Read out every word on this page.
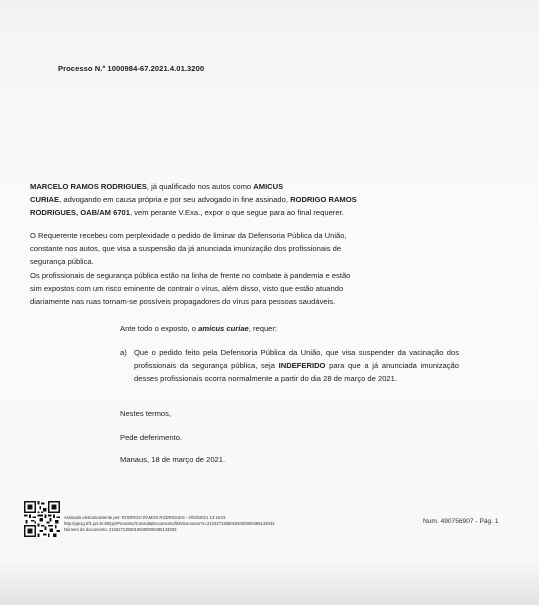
Processo N.º 1000984-67.2021.4.01.3200

MARCELO RAMOS RODRIGUES, já qualificado nos autos como AMICUS
CURIAE, advogando em causa própria e por seu advogado in fine assinado, RODRIGO RAMOS
RODRIGUES, OAB/AM 6701, vem perante V.Exa., expor o que segue para ao final requerer.

O Requerente recebeu com perplexidade o pedido de liminar da Defensoria Pública da União,
constante nos autos, que visa a suspensão da já anunciada imunização dos profissionais de
segurança pública.
Os profissionais de segurança pública estão na linha de frente no combate à pandemia e estão
sim expostos com um risco eminente de contrair o vírus, além disso, visto que estão atuando
diariamente nas ruas tornam-se possíveis propagadores do vírus para pessoas saudáveis.

Ante todo o exposto, o amicus curiae, requer:

a) Que o pedido feito pela Defensoria Pública da União, que visa suspender da vacinação dos profissionais da segurança pública, seja INDEFERIDO para que a já anunciada imunização desses profissionais ocorra normalmente a partir do dia 28 de março de 2021.

Nestes termos,

Pede deferimento.

Manaus, 18 de março de 2021.

Assinado eletronicamente por: RODRIGO RAMOS RODRIGUES - 2//03/2021 13:16:01
http://pje1g.trf1.jus.br:80/pje/Processo/ConsultaDocumento/listView.seam?x=21032713550109400000485133033
Número do documento: 21032713550109400000485133033
Num. 490756907 - Pág. 1
